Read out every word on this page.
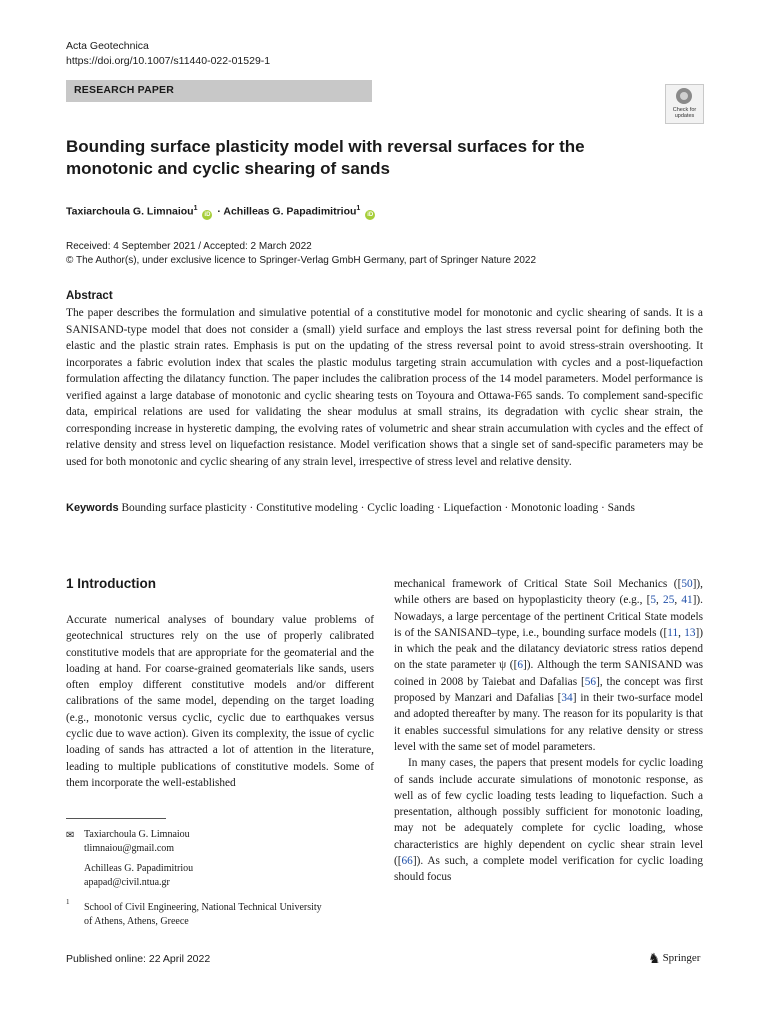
Acta Geotechnica
https://doi.org/10.1007/s11440-022-01529-1
RESEARCH PAPER
Check for
updates
Bounding surface plasticity model with reversal surfaces for the monotonic and cyclic shearing of sands
Taxiarchoula G. Limnaiou$^1$ iD · Achilleas G. Papadimitriou$^1$ iD
Received: 4 September 2021 / Accepted: 2 March 2022
© The Author(s), under exclusive licence to Springer-Verlag GmbH Germany, part of Springer Nature 2022
Abstract
The paper describes the formulation and simulative potential of a constitutive model for monotonic and cyclic shearing of sands. It is a SANISAND-type model that does not consider a (small) yield surface and employs the last stress reversal point for defining both the elastic and the plastic strain rates. Emphasis is put on the updating of the stress reversal point to avoid stress-strain overshooting. It incorporates a fabric evolution index that scales the plastic modulus targeting strain accumulation with cycles and a post-liquefaction formulation affecting the dilatancy function. The paper includes the calibration process of the 14 model parameters. Model performance is verified against a large database of monotonic and cyclic shearing tests on Toyoura and Ottawa-F65 sands. To complement sand-specific data, empirical relations are used for validating the shear modulus at small strains, its degradation with cyclic shear strain, the corresponding increase in hysteretic damping, the evolving rates of volumetric and shear strain accumulation with cycles and the effect of relative density and stress level on liquefaction resistance. Model verification shows that a single set of sand-specific parameters may be used for both monotonic and cyclic shearing of any strain level, irrespective of stress level and relative density.
Keywords Bounding surface plasticity · Constitutive modeling · Cyclic loading · Liquefaction · Monotonic loading · Sands
1 Introduction
Accurate numerical analyses of boundary value problems of geotechnical structures rely on the use of properly calibrated constitutive models that are appropriate for the geomaterial and the loading at hand. For coarse-grained geomaterials like sands, users often employ different constitutive models and/or different calibrations of the same model, depending on the target loading (e.g., monotonic versus cyclic, cyclic due to earthquakes versus cyclic due to wave action). Given its complexity, the issue of cyclic loading of sands has attracted a lot of attention in the literature, leading to multiple publications of constitutive models. Some of them incorporate the well-established

mechanical framework of Critical State Soil Mechanics ([50]), while others are based on hypoplasticity theory (e.g., [5, 25, 41]). Nowadays, a large percentage of the pertinent Critical State models is of the SANISAND–type, i.e., bounding surface models ([11, 13]) in which the peak and the dilatancy deviatoric stress ratios depend on the state parameter ψ ([6]). Although the term SANISAND was coined in 2008 by Taiebat and Dafalias [56], the concept was first proposed by Manzari and Dafalias [34] in their two-surface model and adopted thereafter by many. The reason for its popularity is that it enables successful simulations for any relative density or stress level with the same set of model parameters.

In many cases, the papers that present models for cyclic loading of sands include accurate simulations of monotonic response, as well as of few cyclic loading tests leading to liquefaction. Such a presentation, although possibly sufficient for monotonic loading, may not be adequately complete for cyclic loading, whose characteristics are highly dependent on cyclic shear strain level ([66]). As such, a complete model verification for cyclic loading should focus

✉ Taxiarchoula G. Limnaiou
tlimnaiou@gmail.com
Achilleas G. Papadimitriou
apapad@civil.ntua.gr
1 School of Civil Engineering, National Technical University
of Athens, Athens, Greece
Published online: 22 April 2022	♞ Springer
